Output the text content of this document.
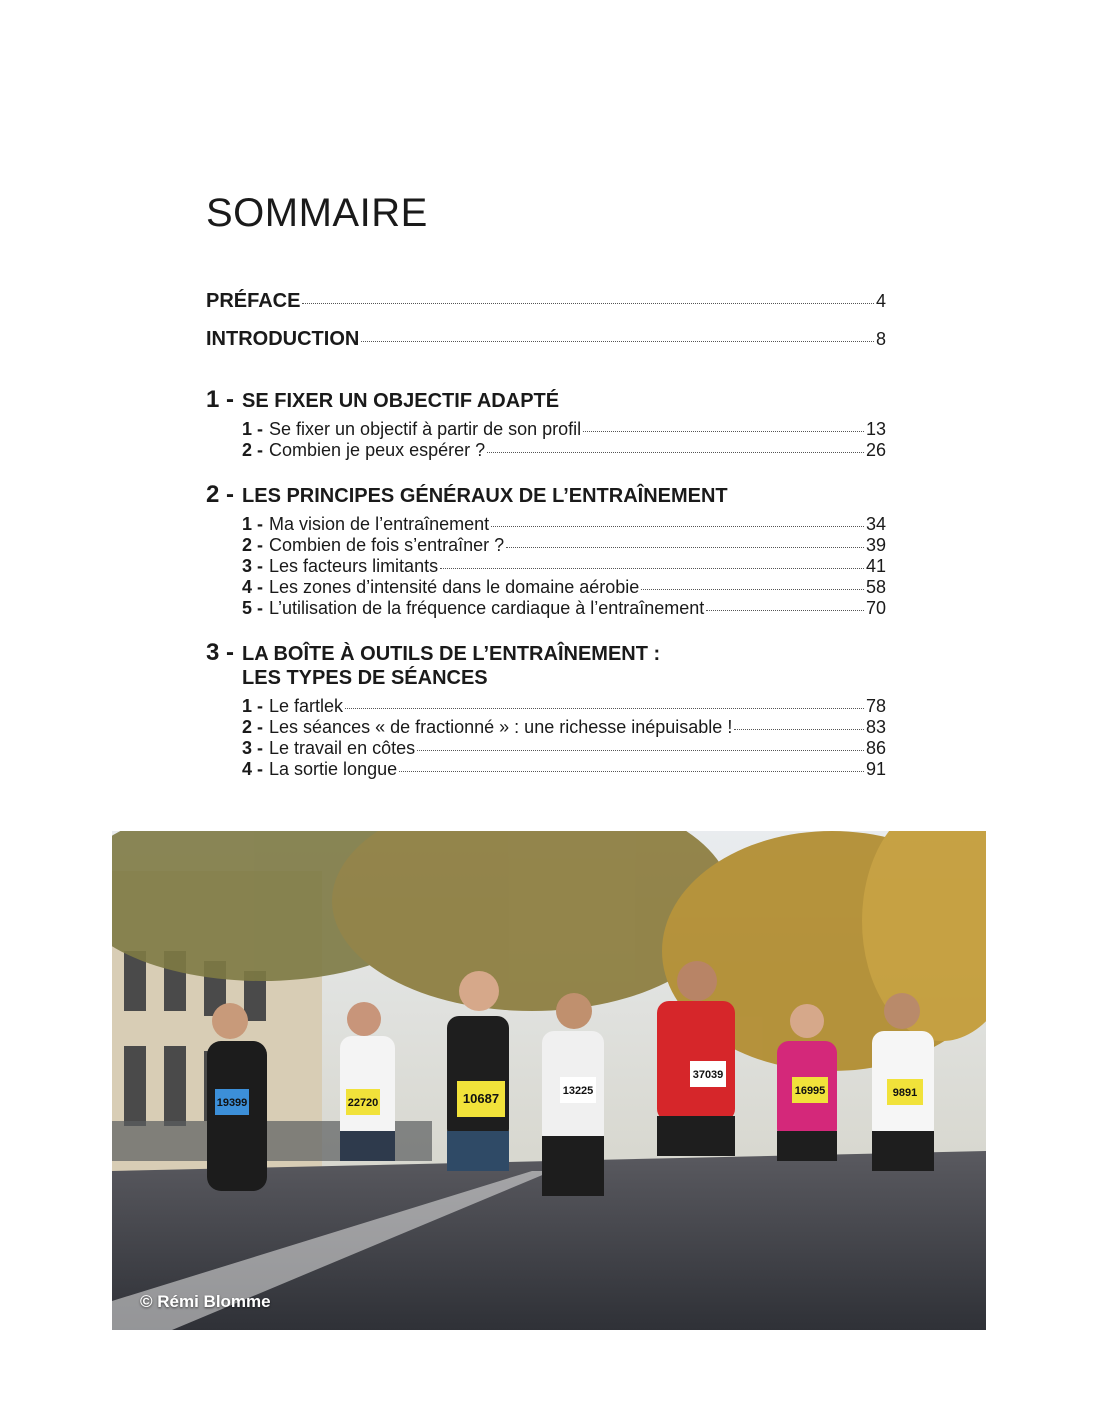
SOMMAIRE
PRÉFACE	4
INTRODUCTION	8
1 - SE FIXER UN OBJECTIF ADAPTÉ
1 - Se fixer un objectif à partir de son profil	13
2 - Combien je peux espérer ?	26
2 - LES PRINCIPES GÉNÉRAUX DE L’ENTRAÎNEMENT
1 - Ma vision de l’entraînement	34
2 - Combien de fois s’entraîner ?	39
3 - Les facteurs limitants	41
4 - Les zones d’intensité dans le domaine aérobie	58
5 - L’utilisation de la fréquence cardiaque à l’entraînement	70
3 - LA BOÎTE À OUTILS DE L’ENTRAÎNEMENT :
LES TYPES DE SÉANCES
1 - Le fartlek	78
2 - Les séances « de fractionné » : une richesse inépuisable !	83
3 - Le travail en côtes	86
4 - La sortie longue	91
19399	22720	10687	13225
37039
16995	9891
© Rémi Blomme
